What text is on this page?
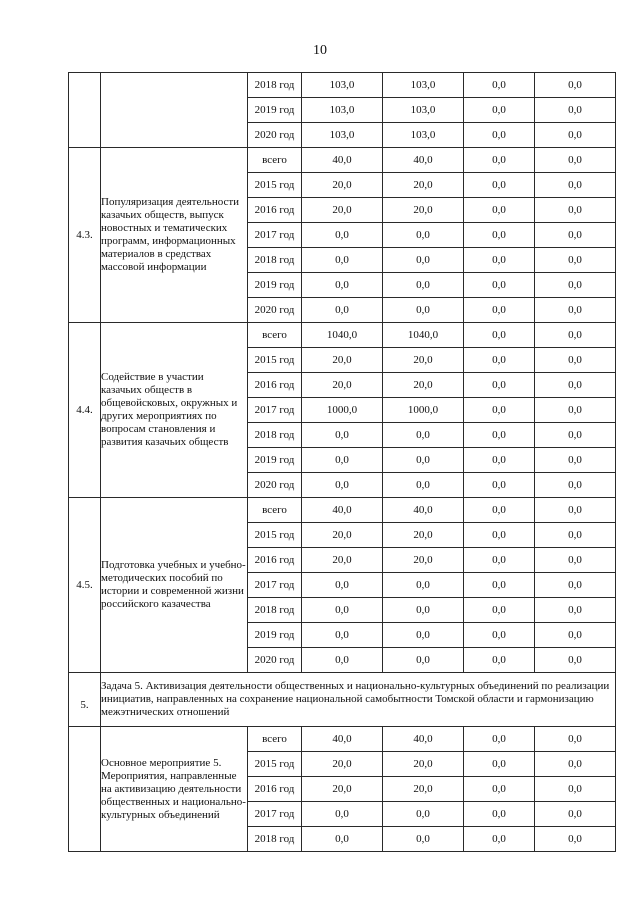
10
		2018 год	103,0	103,0	0,0	0,0
		2019 год	103,0	103,0	0,0	0,0
		2020 год	103,0	103,0	0,0	0,0
4.3.	Популяризация деятельности казачьих обществ, выпуск новостных и тематических программ, информационных материалов в средствах массовой информации	всего	40,0	40,0	0,0	0,0
		2015 год	20,0	20,0	0,0	0,0
		2016 год	20,0	20,0	0,0	0,0
		2017 год	0,0	0,0	0,0	0,0
		2018 год	0,0	0,0	0,0	0,0
		2019 год	0,0	0,0	0,0	0,0
		2020 год	0,0	0,0	0,0	0,0
4.4.	Содействие в участии казачьих обществ в общевойсковых, окружных и других мероприятиях по вопросам становления и развития казачьих обществ	всего	1040,0	1040,0	0,0	0,0
		2015 год	20,0	20,0	0,0	0,0
		2016 год	20,0	20,0	0,0	0,0
		2017 год	1000,0	1000,0	0,0	0,0
		2018 год	0,0	0,0	0,0	0,0
		2019 год	0,0	0,0	0,0	0,0
		2020 год	0,0	0,0	0,0	0,0
4.5.	Подготовка учебных и учебно-методических пособий по истории и современной жизни российского казачества	всего	40,0	40,0	0,0	0,0
		2015 год	20,0	20,0	0,0	0,0
		2016 год	20,0	20,0	0,0	0,0
		2017 год	0,0	0,0	0,0	0,0
		2018 год	0,0	0,0	0,0	0,0
		2019 год	0,0	0,0	0,0	0,0
		2020 год	0,0	0,0	0,0	0,0
5.	Задача 5. Активизация деятельности общественных и национально-культурных объединений по реализации инициатив, направленных на сохранение национальной самобытности Томской области и гармонизацию межэтнических отношений					
	Основное мероприятие 5. Мероприятия, направленные на активизацию деятельности общественных и национально-культурных объединений	всего	40,0	40,0	0,0	0,0
		2015 год	20,0	20,0	0,0	0,0
		2016 год	20,0	20,0	0,0	0,0
		2017 год	0,0	0,0	0,0	0,0
		2018 год	0,0	0,0	0,0	0,0
